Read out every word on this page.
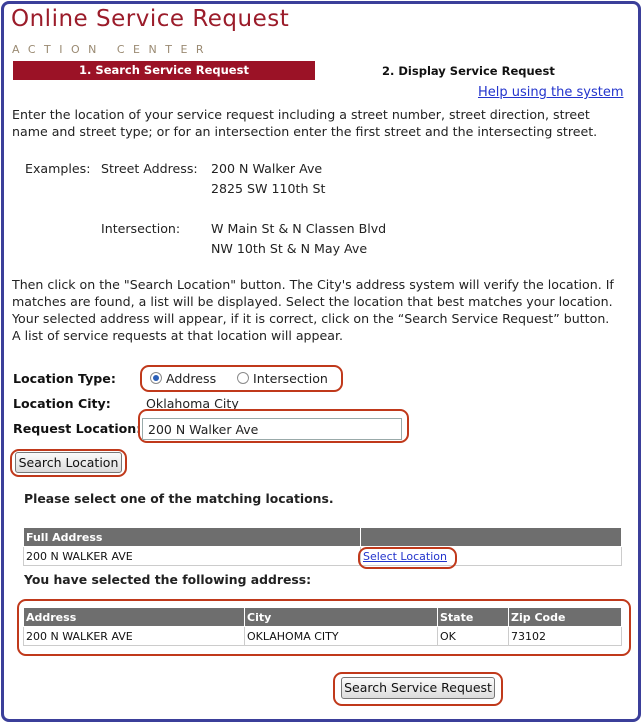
Online Service Request
ACTION CENTER
1. Search Service Request	2. Display Service Request
Help using the system
Enter the location of your service request including a street number, street direction, street
name and street type; or for an intersection enter the first street and the intersecting street.
Examples: Street Address: 200 N Walker Ave
2825 SW 110th St
Intersection: W Main St & N Classen Blvd
NW 10th St & N May Ave
Then click on the "Search Location" button. The City's address system will verify the location. If
matches are found, a list will be displayed. Select the location that best matches your location.
Your selected address will appear, if it is correct, click on the “Search Service Request” button.
A list of service requests at that location will appear.
Location Type:	Address	Intersection
Location City:	Oklahoma City
Request Location: 200 N Walker Ave
Search Location
Please select one of the matching locations.
Full Address	
200 N WALKER AVE	Select Location
You have selected the following address:
Address	City	State	Zip Code
200 N WALKER AVE	OKLAHOMA CITY	OK	73102
Search Service Request
